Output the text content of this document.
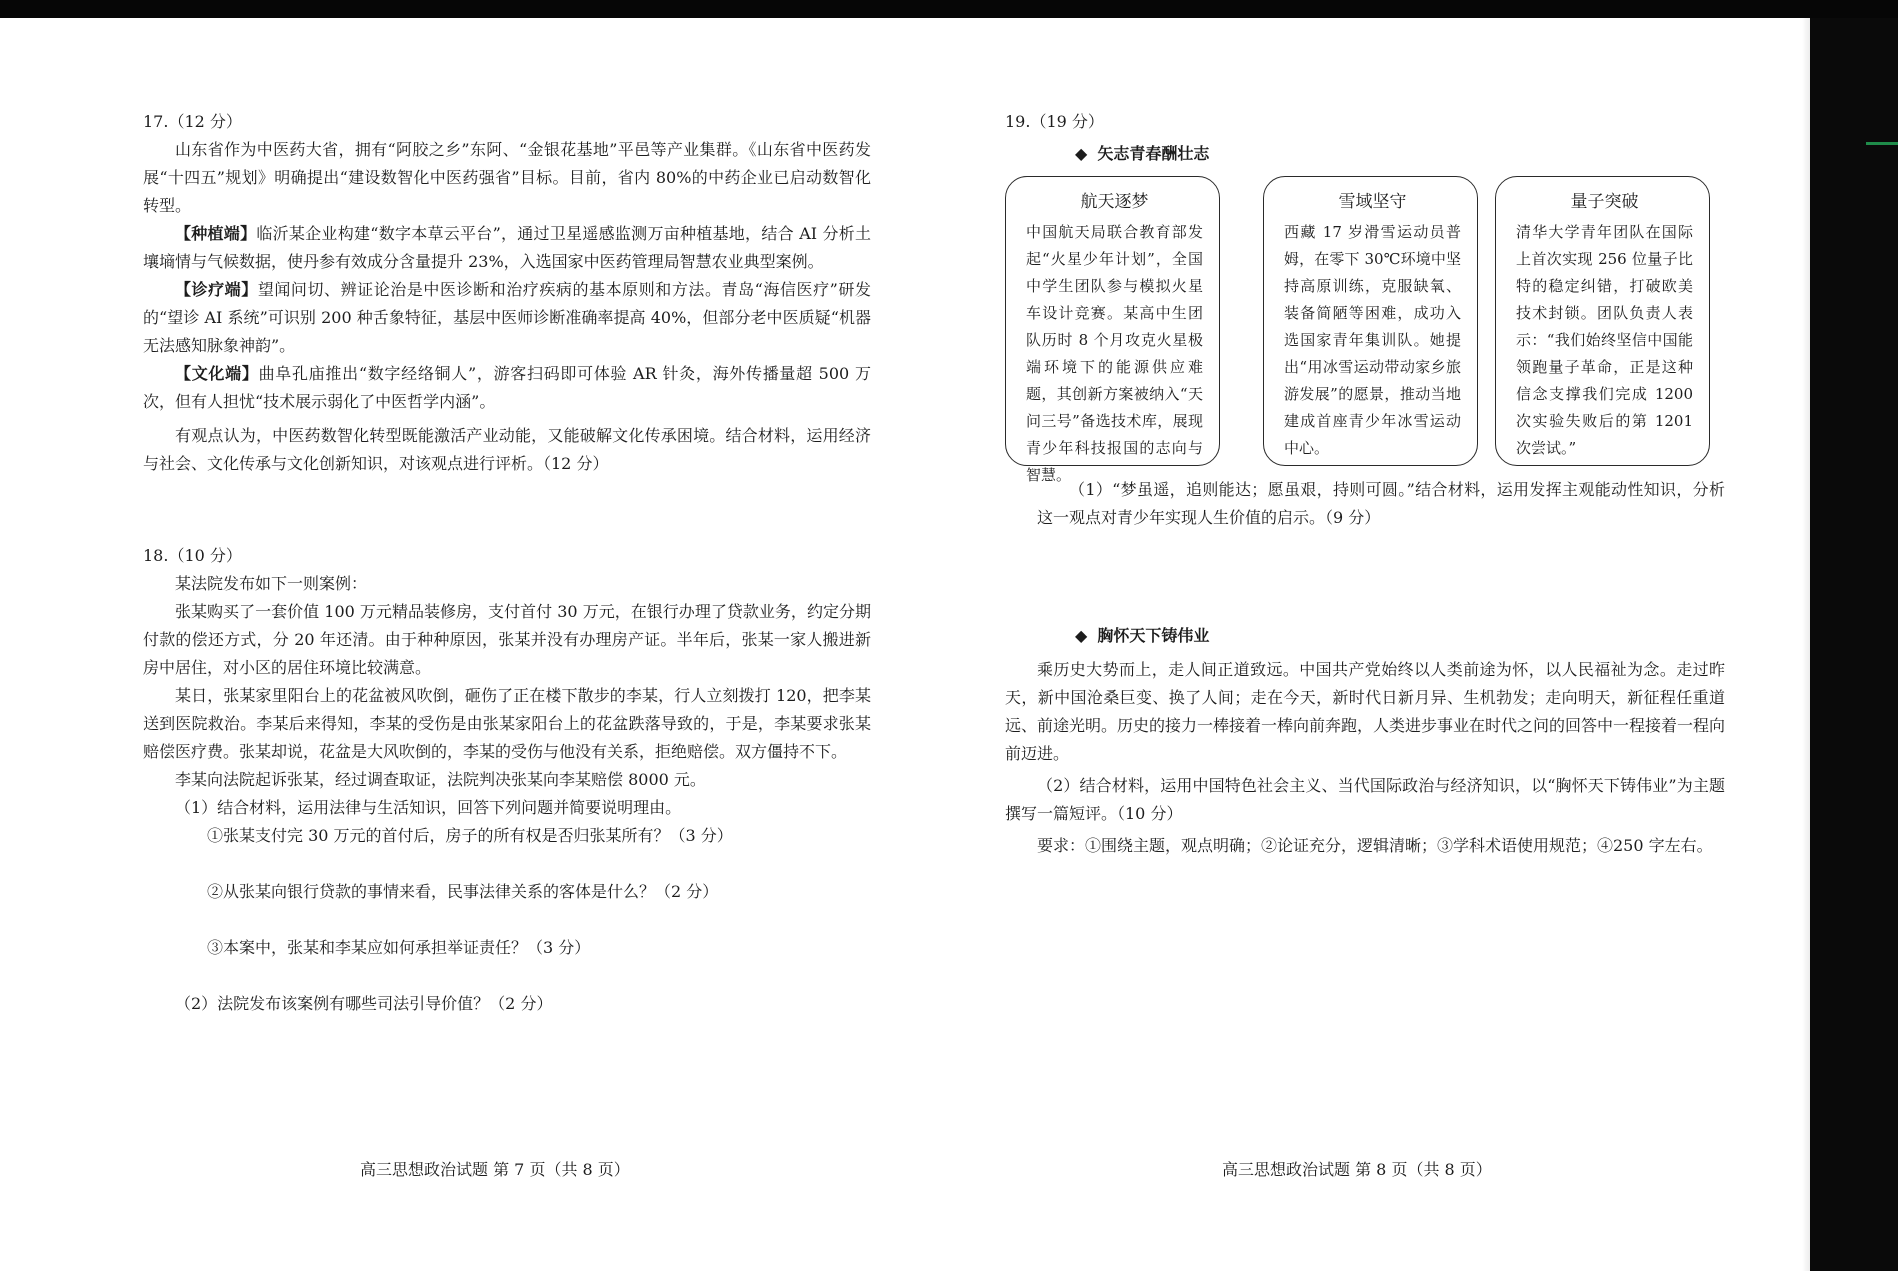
17.（12 分）

山东省作为中医药大省，拥有“阿胶之乡”东阿、“金银花基地”平邑等产业集群。《山东省中医药发展“十四五”规划》明确提出“建设数智化中医药强省”目标。目前，省内 80%的中药企业已启动数智化转型。

【种植端】临沂某企业构建“数字本草云平台”，通过卫星遥感监测万亩种植基地，结合 AI 分析土壤墒情与气候数据，使丹参有效成分含量提升 23%，入选国家中医药管理局智慧农业典型案例。

【诊疗端】望闻问切、辨证论治是中医诊断和治疗疾病的基本原则和方法。青岛“海信医疗”研发的“望诊 AI 系统”可识别 200 种舌象特征，基层中医师诊断准确率提高 40%，但部分老中医质疑“机器无法感知脉象神韵”。

【文化端】曲阜孔庙推出“数字经络铜人”，游客扫码即可体验 AR 针灸，海外传播量超 500 万次，但有人担忧“技术展示弱化了中医哲学内涵”。

有观点认为，中医药数智化转型既能激活产业动能，又能破解文化传承困境。结合材料，运用经济与社会、文化传承与文化创新知识，对该观点进行评析。（12 分）

18.（10 分）

某法院发布如下一则案例：

张某购买了一套价值 100 万元精品装修房，支付首付 30 万元，在银行办理了贷款业务，约定分期付款的偿还方式，分 20 年还清。由于种种原因，张某并没有办理房产证。半年后，张某一家人搬进新房中居住，对小区的居住环境比较满意。

某日，张某家里阳台上的花盆被风吹倒，砸伤了正在楼下散步的李某，行人立刻拨打 120，把李某送到医院救治。李某后来得知，李某的受伤是由张某家阳台上的花盆跌落导致的，于是，李某要求张某赔偿医疗费。张某却说，花盆是大风吹倒的，李某的受伤与他没有关系，拒绝赔偿。双方僵持不下。

李某向法院起诉张某，经过调查取证，法院判决张某向李某赔偿 8000 元。

（1）结合材料，运用法律与生活知识，回答下列问题并简要说明理由。
①张某支付完 30 万元的首付后，房子的所有权是否归张某所有？（3 分）
②从张某向银行贷款的事情来看，民事法律关系的客体是什么？（2 分）
③本案中，张某和李某应如何承担举证责任？（3 分）
（2）法院发布该案例有哪些司法引导价值？（2 分）
高三思想政治试题 第 7 页（共 8 页）
19.（19 分）
◆ 矢志青春酬壮志
航天逐梦
中国航天局联合教育部发起“火星少年计划”，全国中学生团队参与模拟火星车设计竞赛。某高中生团队历时 8 个月攻克火星极端环境下的能源供应难题，其创新方案被纳入“天问三号”备选技术库，展现青少年科技报国的志向与智慧。
雪域坚守
西藏 17 岁滑雪运动员普姆，在零下 30℃环境中坚持高原训练，克服缺氧、装备简陋等困难，成功入选国家青年集训队。她提出“用冰雪运动带动家乡旅游发展”的愿景，推动当地建成首座青少年冰雪运动中心。
量子突破
清华大学青年团队在国际上首次实现 256 位量子比特的稳定纠错，打破欧美技术封锁。团队负责人表示：“我们始终坚信中国能领跑量子革命，正是这种信念支撑我们完成 1200 次实验失败后的第 1201 次尝试。”

（1）“梦虽遥，追则能达；愿虽艰，持则可圆。”结合材料，运用发挥主观能动性知识，分析这一观点对青少年实现人生价值的启示。（9 分）

◆ 胸怀天下铸伟业

乘历史大势而上，走人间正道致远。中国共产党始终以人类前途为怀，以人民福祉为念。走过昨天，新中国沧桑巨变、换了人间；走在今天，新时代日新月异、生机勃发；走向明天，新征程任重道远、前途光明。历史的接力一棒接着一棒向前奔跑，人类进步事业在时代之问的回答中一程接着一程向前迈进。

（2）结合材料，运用中国特色社会主义、当代国际政治与经济知识，以“胸怀天下铸伟业”为主题撰写一篇短评。（10 分）

要求：①围绕主题，观点明确；②论证充分，逻辑清晰；③学科术语使用规范；④250 字左右。

高三思想政治试题 第 8 页（共 8 页）
